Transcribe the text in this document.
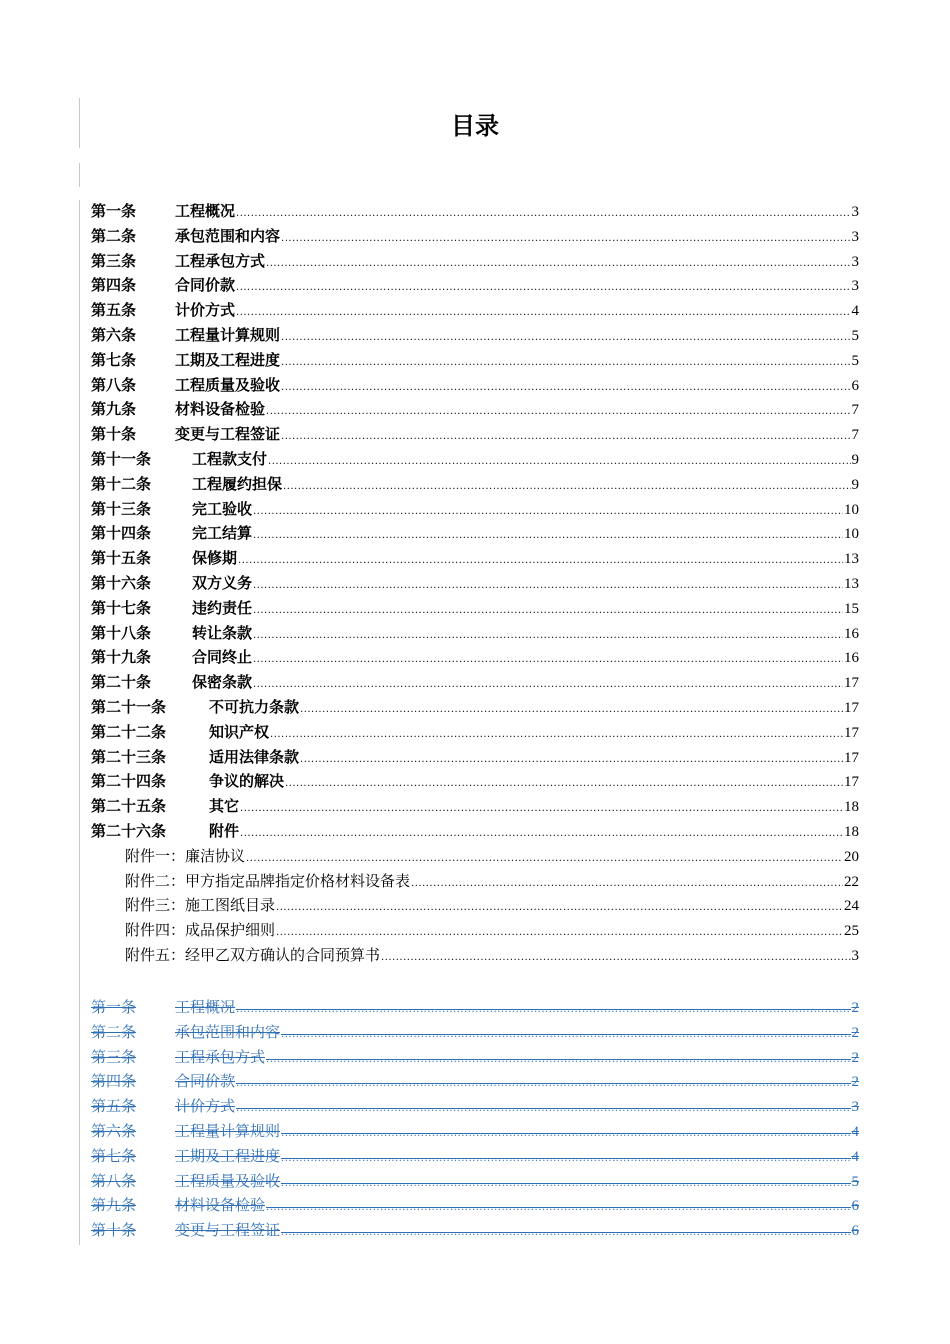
目录
第一条	工程概况 .....	3
第二条	承包范围和内容 .....	3
第三条	工程承包方式 .....	3
第四条	合同价款 .....	3
第五条	计价方式 .....	4
第六条	工程量计算规则 .....	5
第七条	工期及工程进度 .....	5
第八条	工程质量及验收 .....	6
第九条	材料设备检验 .....	7
第十条	变更与工程签证 .....	7
第十一条	工程款支付 .....	9
第十二条	工程履约担保 .....	9
第十三条	完工验收 .....	10
第十四条	完工结算 .....	10
第十五条	保修期 .....	13
第十六条	双方义务 .....	13
第十七条	违约责任 .....	15
第十八条	转让条款 .....	16
第十九条	合同终止 .....	16
第二十条	保密条款 .....	17
第二十一条	不可抗力条款 .....	17
第二十二条	知识产权 .....	17
第二十三条	适用法律条款 .....	17
第二十四条	争议的解决 .....	17
第二十五条	其它 .....	18
第二十六条	附件 .....	18
附件一： 廉洁协议 .....	20
附件二： 甲方指定品牌指定价格材料设备表 .....	22
附件三： 施工图纸目录 .....	24
附件四： 成品保护细则 .....	25
附件五： 经甲乙双方确认的合同预算书 .....	3
第一条	工程概况 .....	2
第二条	承包范围和内容 .....	2
第三条	工程承包方式 .....	2
第四条	合同价款 .....	2
第五条	计价方式 .....	3
第六条	工程量计算规则 .....	4
第七条	工期及工程进度 .....	4
第八条	工程质量及验收 .....	5
第九条	材料设备检验 .....	6
第十条	变更与工程签证 .....	6
